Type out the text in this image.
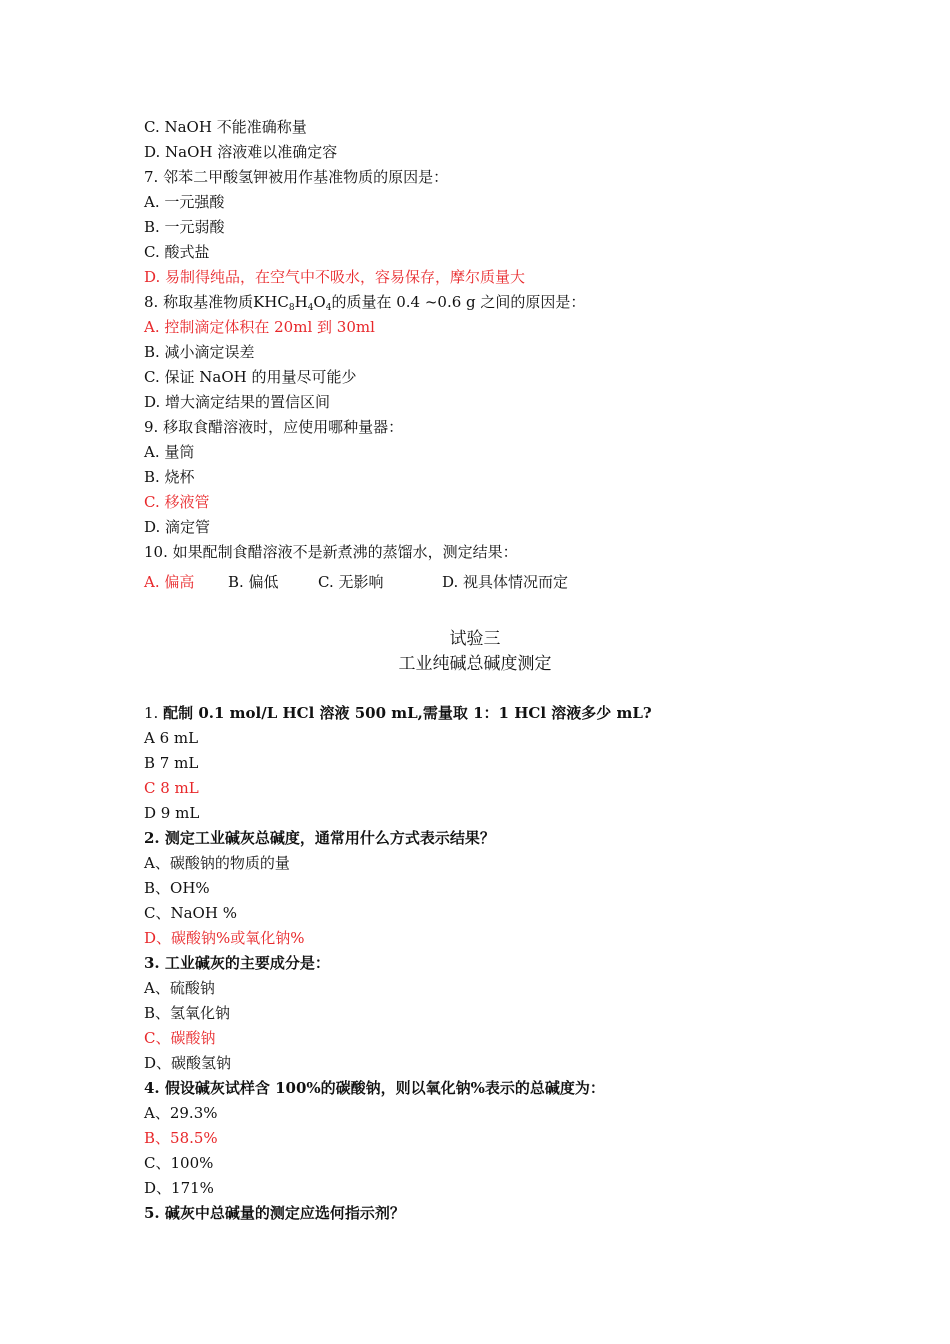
C. NaOH 不能准确称量
D. NaOH 溶液难以准确定容
7. 邻苯二甲酸氢钾被用作基准物质的原因是：
A. 一元强酸
B. 一元弱酸
C. 酸式盐
D. 易制得纯品，在空气中不吸水，容易保存，摩尔质量大
8. 称取基准物质$KHC_8H_4O_4$的质量在 0.4 ~0.6 g 之间的原因是：
A. 控制滴定体积在 20ml 到 30ml
B. 减小滴定误差
C. 保证 NaOH 的用量尽可能少
D. 增大滴定结果的置信区间
9. 移取食醋溶液时，应使用哪种量器：
A. 量筒
B. 烧杯
C. 移液管
D. 滴定管
10. 如果配制食醋溶液不是新煮沸的蒸馏水，测定结果：
A. 偏高 B. 偏低	C. 无影响	D. 视具体情况而定
试验三
工业纯碱总碱度测定
1. 配制 0.1 mol/L HCl 溶液 500 mL,需量取 1：1 HCl 溶液多少 mL?
A 6 mL
B 7 mL
C 8 mL
D 9 mL
2. 测定工业碱灰总碱度，通常用什么方式表示结果？
A、碳酸钠的物质的量
B、OH%
C、NaOH %
D、碳酸钠%或氧化钠%
3. 工业碱灰的主要成分是：
A、硫酸钠
B、氢氧化钠
C、碳酸钠
D、碳酸氢钠
4. 假设碱灰试样含 100%的碳酸钠，则以氧化钠%表示的总碱度为：
A、29.3%
B、58.5%
C、100%
D、171%
5. 碱灰中总碱量的测定应选何指示剂？
